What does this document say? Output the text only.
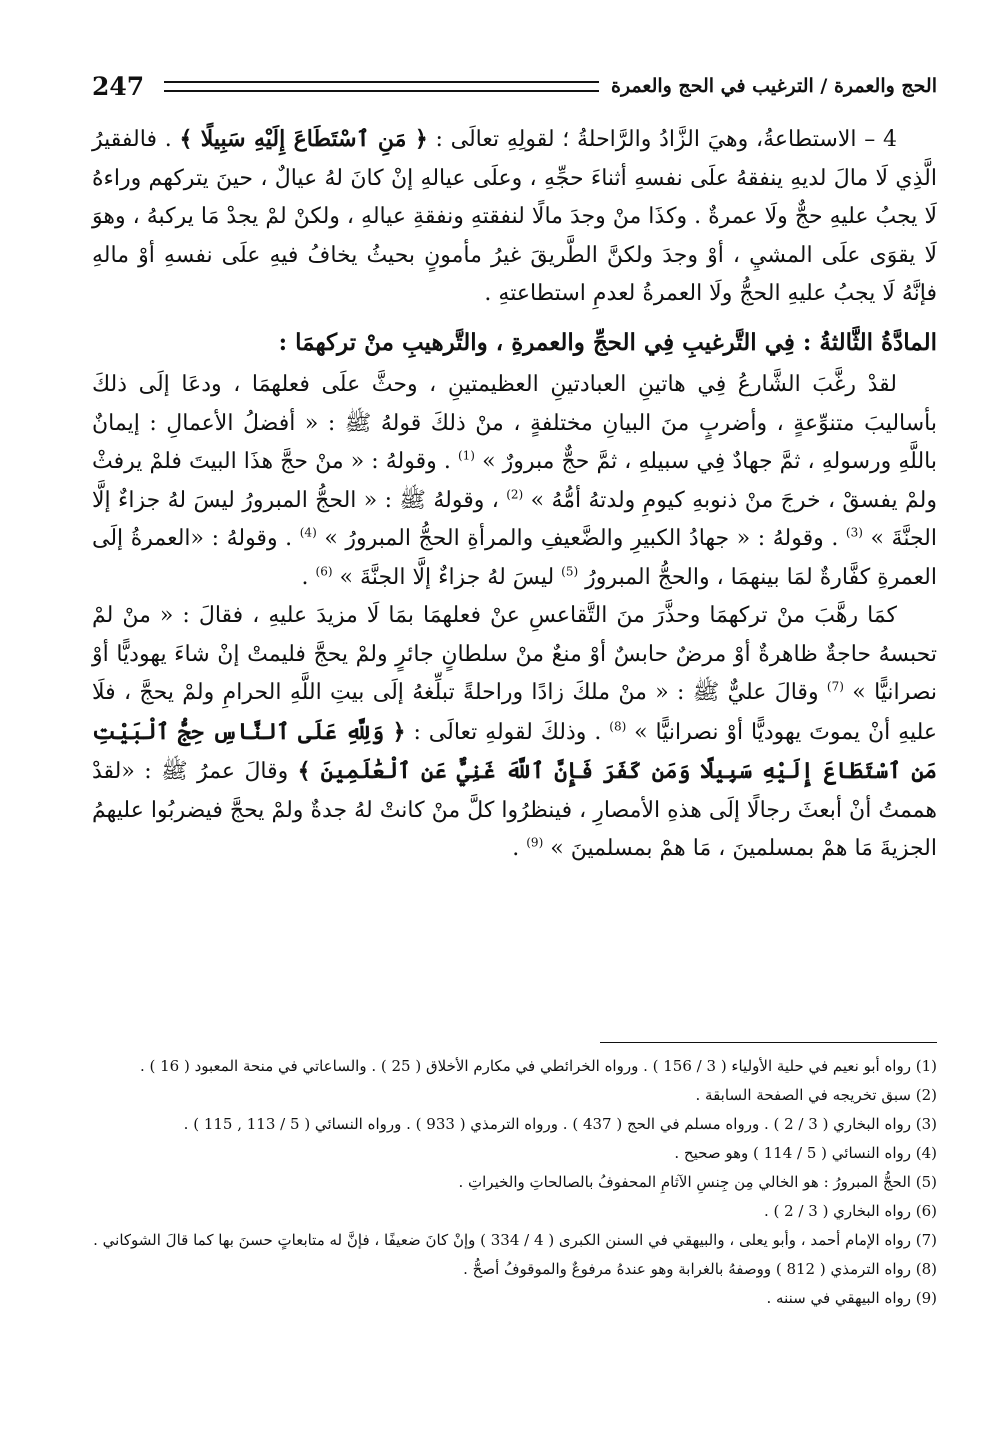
247	الحج والعمرة / الترغيب في الحج والعمرة

4 – الاستطاعةُ، وهيَ الزَّادُ والرَّاحلةُ ؛ لقولِهِ تعالَى : ﴿ مَنِ ٱسْتَطَاعَ إِلَيْهِ سَبِيلًا ﴾ . فالفقيرُ الَّذِي لَا مالَ لديهِ ينفقهُ علَى نفسهِ أثناءَ حجِّهِ ، وعلَى عيالهِ إنْ كانَ لهُ عيالٌ ، حينَ يتركهم وراءهُ لَا يجبُ عليهِ حجٌّ ولَا عمرةٌ . وكذَا منْ وجدَ مالًا لنفقتهِ ونفقةِ عيالهِ ، ولكنْ لمْ يجدْ مَا يركبهُ ، وهوَ لَا يقوَى علَى المشيِ ، أوْ وجدَ ولكنَّ الطَّريقَ غيرُ مأمونٍ بحيثُ يخافُ فيهِ علَى نفسهِ أوْ مالهِ فإنَّهُ لَا يجبُ عليهِ الحجُّ ولَا العمرةُ لعدمِ استطاعتهِ .

المادَّةُ الثَّالثةُ : فِي التَّرغيبِ فِي الحجِّ والعمرةِ ، والتَّرهيبِ منْ تركهمَا :

لقدْ رغَّبَ الشَّارعُ فِي هاتينِ العبادتينِ العظيمتينِ ، وحثَّ علَى فعلهمَا ، ودعَا إلَى ذلكَ بأساليبَ متنوِّعةٍ ، وأضربٍ منَ البيانِ مختلفةٍ ، منْ ذلكَ قولهُ ﷺ : « أفضلُ الأعمالِ : إيمانٌ باللَّهِ ورسولهِ ، ثمَّ جهادٌ فِي سبيلهِ ، ثمَّ حجٌّ مبرورٌ » $^{(1)}$ . وقولهُ : « منْ حجَّ هذَا البيتَ فلمْ يرفثْ ولمْ يفسقْ ، خرجَ منْ ذنوبهِ كيومِ ولدتهُ أمُّهُ » $^{(2)}$ ، وقولهُ ﷺ : « الحجُّ المبرورُ ليسَ لهُ جزاءٌ إلَّا الجنَّةَ » $^{(3)}$ . وقولهُ : « جهادُ الكبيرِ والضَّعيفِ والمرأةِ الحجُّ المبرورُ » $^{(4)}$ . وقولهُ : «العمرةُ إلَى العمرةِ كفَّارةٌ لمَا بينهمَا ، والحجُّ المبرورُ $^{(5)}$ ليسَ لهُ جزاءٌ إلَّا الجنَّةَ » $^{(6)}$ .

كمَا رهَّبَ منْ تركهمَا وحذَّرَ منَ التَّقاعسِ عنْ فعلهمَا بمَا لَا مزيدَ عليهِ ، فقالَ : « منْ لمْ تحبسهُ حاجةٌ ظاهرةٌ أوْ مرضٌ حابسٌ أوْ منعٌ منْ سلطانٍ جائرٍ ولمْ يحجَّ فليمتْ إنْ شاءَ يهوديًّا أوْ نصرانيًّا » $^{(7)}$ وقالَ عليٌّ ﷺ : « منْ ملكَ زادًا وراحلةً تبلِّغهُ إلَى بيتِ اللَّهِ الحرامِ ولمْ يحجَّ ، فلَا عليهِ أنْ يموتَ يهوديًّا أوْ نصرانيًّا » $^{(8)}$ . وذلكَ لقولهِ تعالَى : ﴿ وَلِلَّهِ عَلَى ٱلنَّاسِ حِجُّ ٱلْبَيْتِ مَنِ ٱسْتَطَاعَ إِلَيْهِ سَبِيلًا وَمَن كَفَرَ فَإِنَّ ٱللَّهَ غَنِيٌّ عَنِ ٱلْعَٰلَمِينَ ﴾ وقالَ عمرُ ﷺ : «لقدْ هممتُ أنْ أبعثَ رجالًا إلَى هذهِ الأمصارِ ، فينظرُوا كلَّ منْ كانتْ لهُ جدةٌ ولمْ يحجَّ فيضربُوا عليهمُ الجزيةَ مَا همْ بمسلمينَ ، مَا همْ بمسلمينَ » $^{(9)}$ .

(1) رواه أبو نعيم في حلية الأولياء ( 3 / 156 ) . ورواه الخرائطي في مكارم الأخلاق ( 25 ) . والساعاتي في منحة المعبود ( 16 ) .

(2) سبق تخريجه في الصفحة السابقة .

(3) رواه البخاري ( 3 / 2 ) . ورواه مسلم في الحج ( 437 ) . ورواه الترمذي ( 933 ) . ورواه النسائي ( 5 / 113 , 115 ) .

(4) رواه النسائي ( 5 / 114 ) وهو صحيح .

(5) الحجُّ المبرورُ : هو الخالي مِن جِنسِ الآثامِ المحفوفُ بالصالحاتِ والخيراتِ .

(6) رواه البخاري ( 3 / 2 ) .

(7) رواه الإمام أحمد ، وأبو يعلى ، والبيهقي في السنن الكبرى ( 4 / 334 ) وإنْ كانَ ضعيفًا ، فإنَّ له متابعاتٍ حسنَ بها كما قالَ الشوكاني .

(8) رواه الترمذي ( 812 ) ووصفهُ بالغرابة وهو عندهُ مرفوعٌ والموقوفُ أصحُّ .

(9) رواه البيهقي في سننه .
